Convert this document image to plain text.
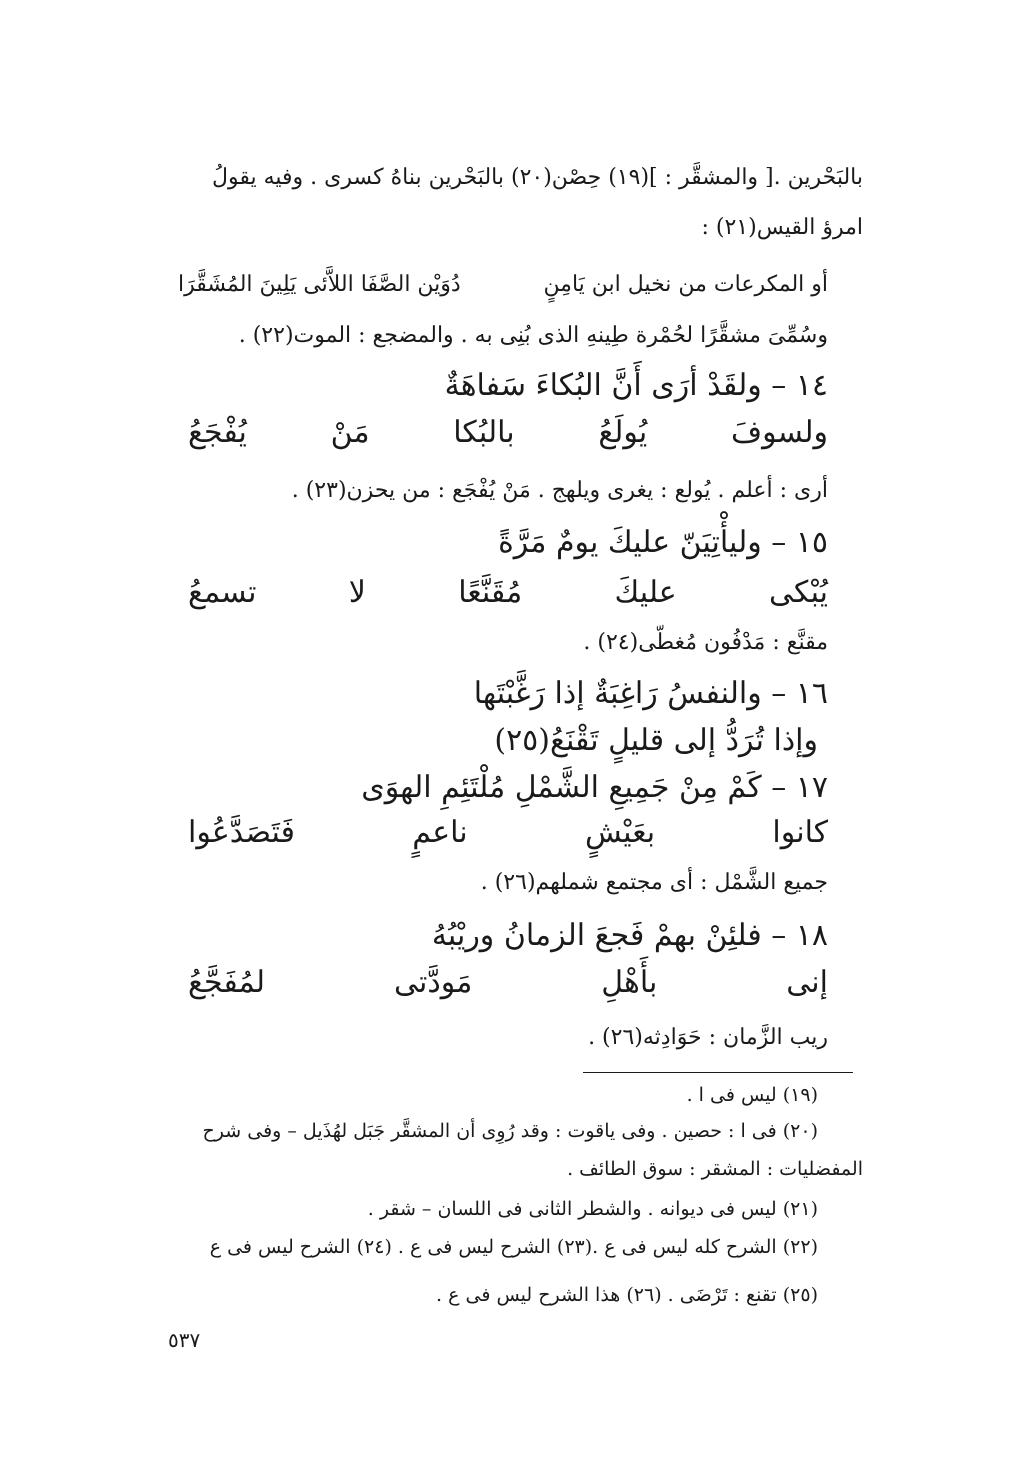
بالبَحْرين .[ والمشقَّر : ](١٩) حِصْن(٢٠) بالبَحْرين بناهُ كسرى . وفيه يقولُ
امرؤ القيس(٢١) :
أو المكرعات من نخيل ابن يَامِنٍ
دُوَيْن الصَّفَا اللاَّئى يَلِينَ المُشَقَّرَا
وسُمِّىَ مشقَّرًا لحُمْرة طِينهِ الذى بُنِى به . والمضجع : الموت(٢٢) .
١٤ – ولقَدْ أرَى أَنَّ البُكاءَ سَفاهَةٌ
ولسوفَ
يُولَعُ
بالبُكا
مَنْ
يُفْجَعُ
أرى : أعلم . يُولع : يغرى ويلهج . مَنْ يُفْجَع : من يحزن(٢٣) .
١٥ – وليأْتِيَنّ عليكَ يومٌ مَرَّةً
يُبْكى
عليكَ
مُقَنَّعًا
لا
تسمعُ
مقنَّع : مَدْفُون مُغطّى(٢٤) .
١٦ – والنفسُ رَاغِبَةٌ إذا رَغَّبْتَها
وإذا تُرَدُّ إلى قليلٍ تَقْنَعُ(٢٥)
١٧ – كَمْ مِنْ جَمِيعِ الشَّمْلِ مُلْتَئِمِ الهوَى
كانوا
بعَيْشٍ
ناعمٍ
فَتَصَدَّعُوا
جميع الشَّمْل : أى مجتمع شملهم(٢٦) .
١٨ – فلئِنْ بهمْ فَجعَ الزمانُ وريْبُهُ
إنى
بأَهْلِ
مَودَّتى
لمُفَجَّعُ
ريب الزَّمان : حَوَادِثه(٢٦) .
(١٩) ليس فى ا .
(٢٠) فى ا : حصين . وفى ياقوت : وقد رُوِى أن المشقَّر جَبَل لهُذَيل – وفى شرح
المفضليات : المشقر : سوق الطائف .
(٢١) ليس فى ديوانه . والشطر الثانى فى اللسان – شقر .
(٢٢) الشرح كله ليس فى ع .(٢٣) الشرح ليس فى ع . (٢٤) الشرح ليس فى ع
(٢٥) تقنع : تَرْضَى . (٢٦) هذا الشرح ليس فى ع .
٥٣٧
